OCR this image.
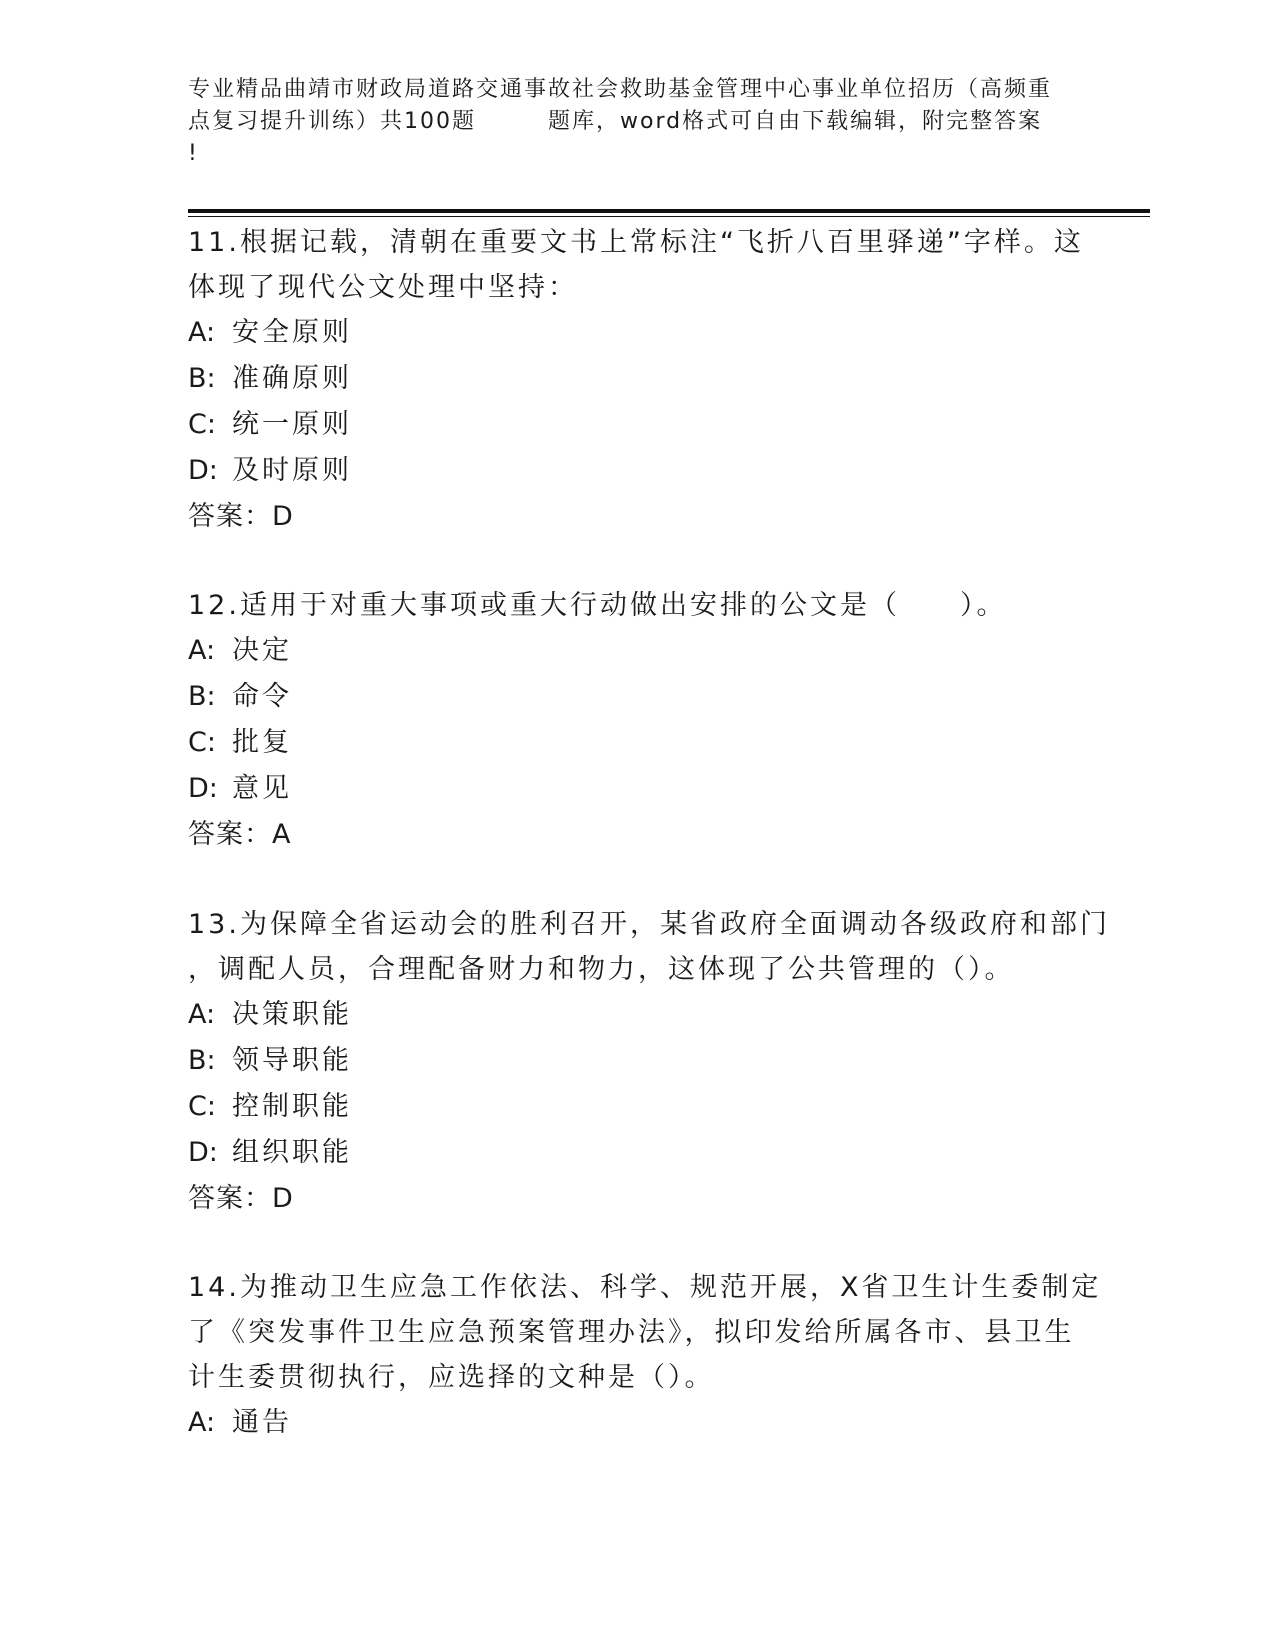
专业精品曲靖市财政局道路交通事故社会救助基金管理中心事业单位招历（高频重

点复习提升训练）共100题	题库，word格式可自由下载编辑，附完整答案

!

11.根据记载，清朝在重要文书上常标注“飞折八百里驿递”字样。这

体现了现代公文处理中坚持：

A: 安全原则

B: 准确原则

C: 统一原则

D: 及时原则

答案：D

12.适用于对重大事项或重大行动做出安排的公文是（　　）。

A: 决定

B: 命令

C: 批复

D: 意见

答案：A

13.为保障全省运动会的胜利召开，某省政府全面调动各级政府和部门

，调配人员，合理配备财力和物力，这体现了公共管理的（）。

A: 决策职能

B: 领导职能

C: 控制职能

D: 组织职能

答案：D

14.为推动卫生应急工作依法、科学、规范开展，X省卫生计生委制定

了《突发事件卫生应急预案管理办法》，拟印发给所属各市、县卫生

计生委贯彻执行，应选择的文种是（）。

A: 通告
